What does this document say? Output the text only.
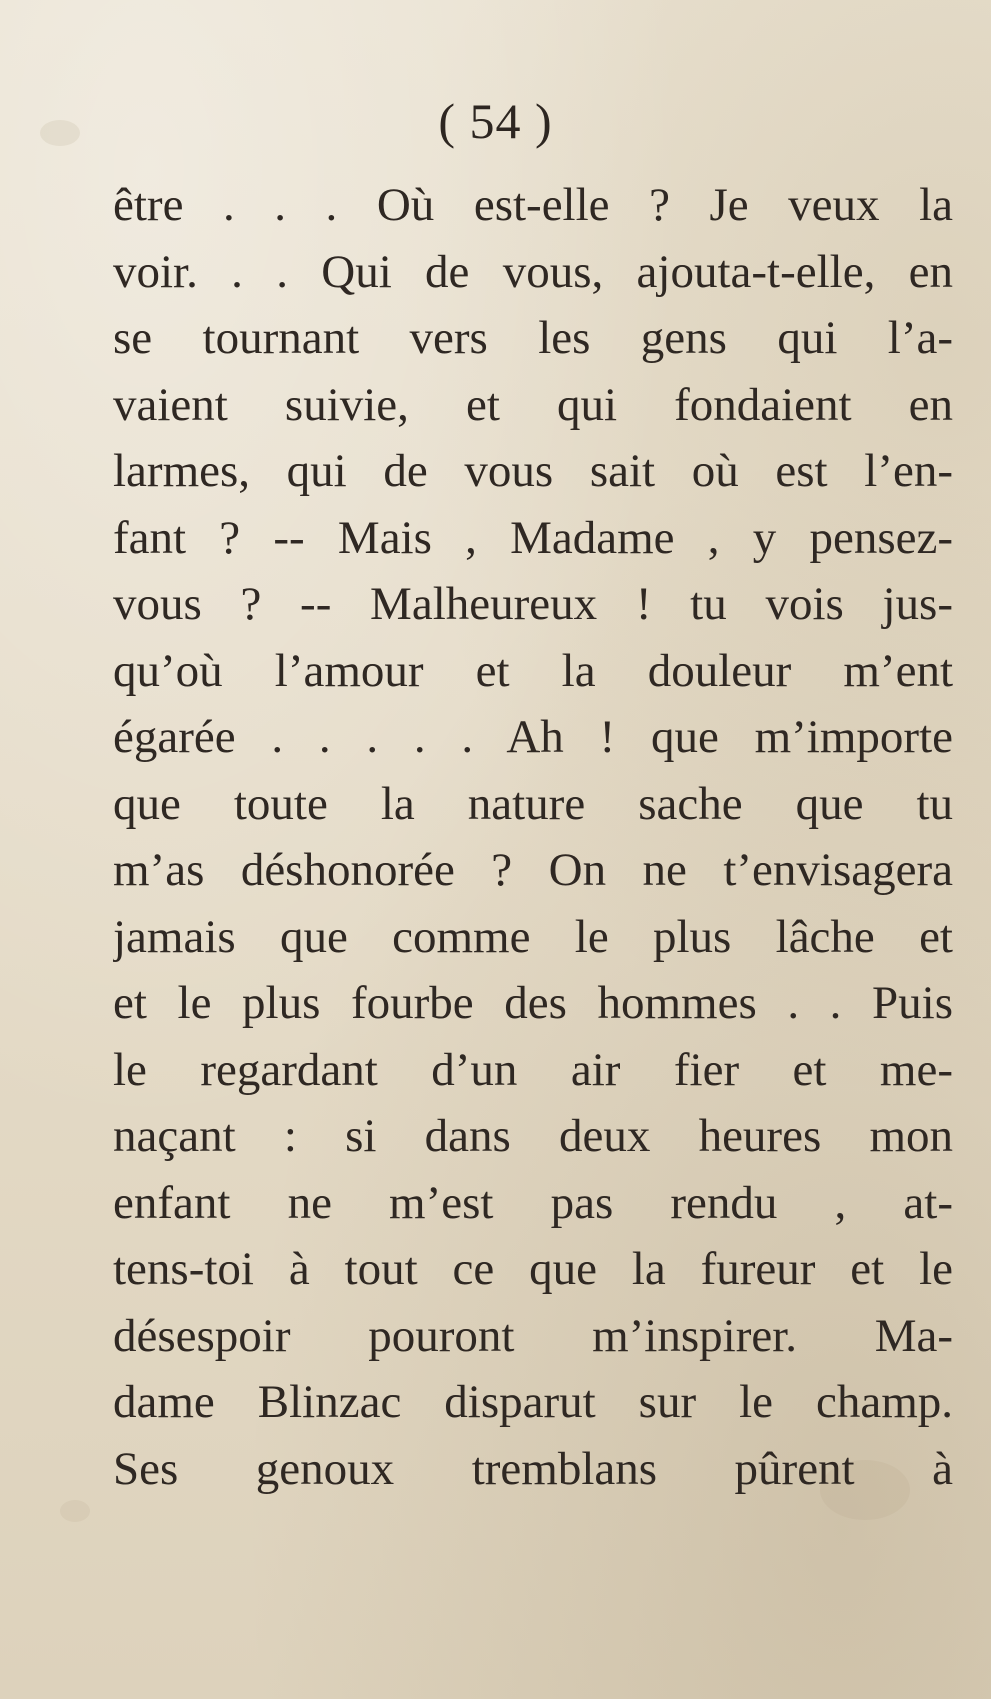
( 54 )
être . . . Où est-elle ? Je veux la
voir. . . Qui de vous, ajouta-t-elle, en
se tournant vers les gens qui l’a-
vaient suivie, et qui fondaient en
larmes, qui de vous sait où est l’en-
fant ? -- Mais , Madame , y pensez-
vous ? -- Malheureux ! tu vois jus-
qu’où l’amour et la douleur m’ent
égarée . . . . . Ah ! que m’importe
que toute la nature sache que tu
m’as déshonorée ? On ne t’envisagera
jamais que comme le plus lâche et
et le plus fourbe des hommes . . Puis
le regardant d’un air fier et me-
naçant : si dans deux heures mon
enfant ne m’est pas rendu , at-
tens-toi à tout ce que la fureur et le
désespoir pouront m’inspirer. Ma-
dame Blinzac disparut sur le champ.
Ses genoux tremblans pûrent à
